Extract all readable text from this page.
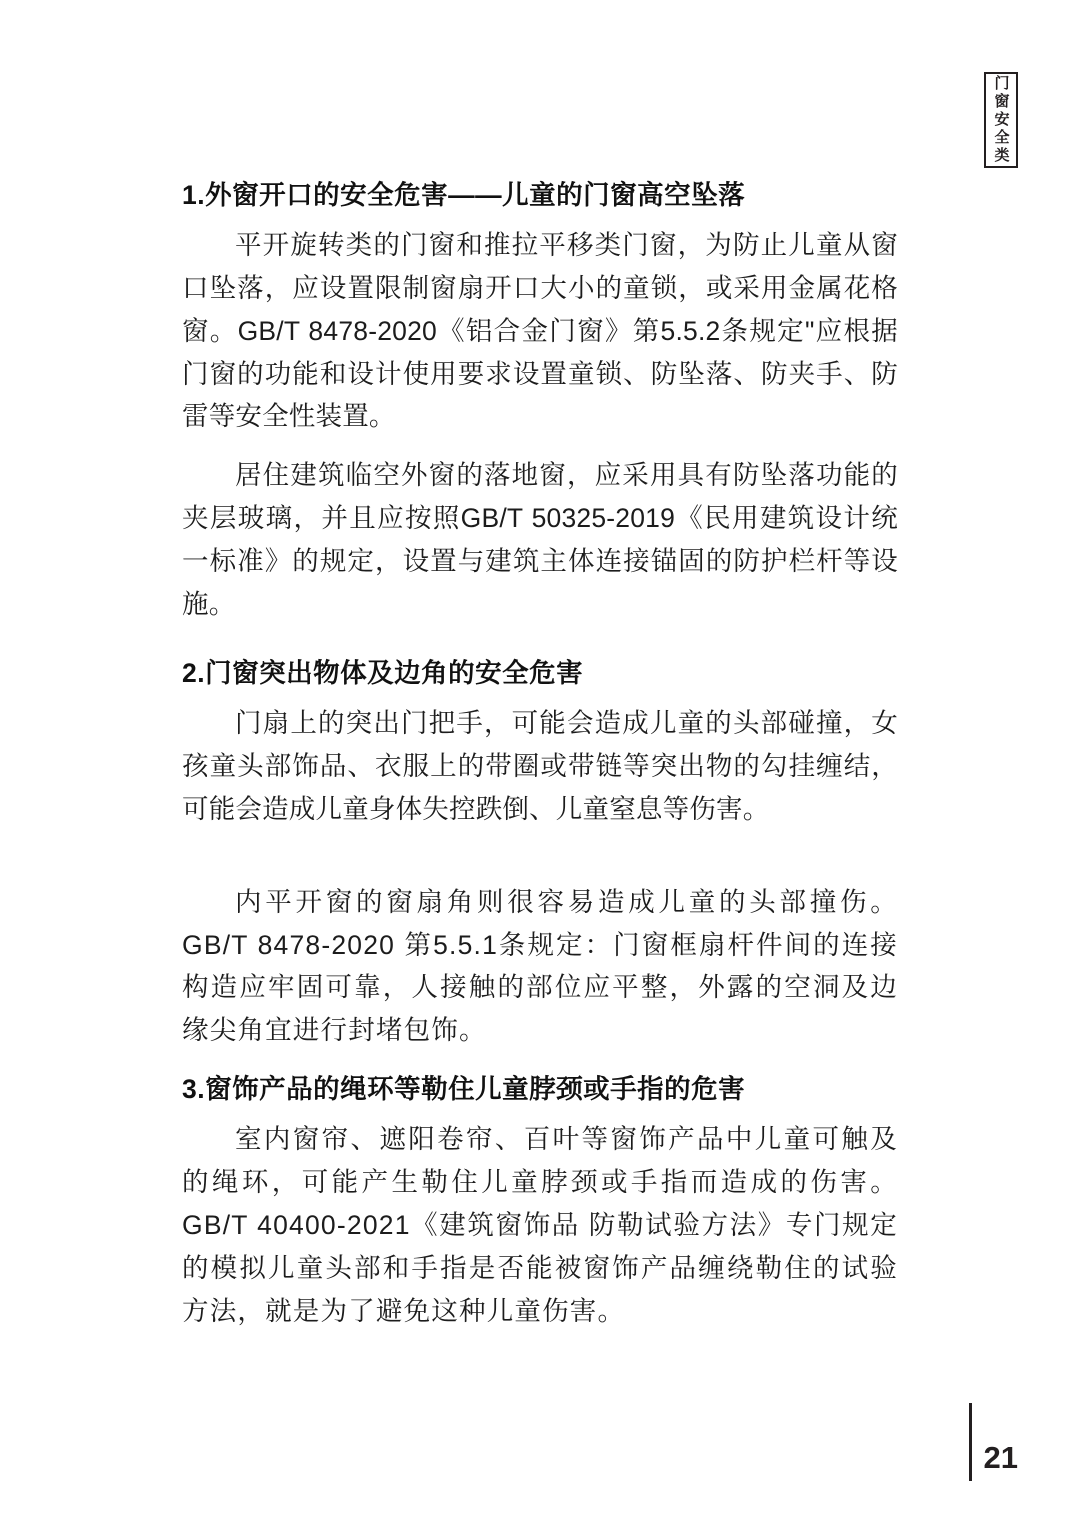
门窗安全类
1.外窗开口的安全危害——儿童的门窗高空坠落

平开旋转类的门窗和推拉平移类门窗，为防止儿童从窗口坠落，应设置限制窗扇开口大小的童锁，或采用金属花格窗。GB/T 8478-2020《铝合金门窗》第5.5.2条规定"应根据门窗的功能和设计使用要求设置童锁、防坠落、防夹手、防雷等安全性装置。

居住建筑临空外窗的落地窗，应采用具有防坠落功能的夹层玻璃，并且应按照GB/T 50325-2019《民用建筑设计统一标准》的规定，设置与建筑主体连接锚固的防护栏杆等设施。

2.门窗突出物体及边角的安全危害

门扇上的突出门把手，可能会造成儿童的头部碰撞，女孩童头部饰品、衣服上的带圈或带链等突出物的勾挂缠结，可能会造成儿童身体失控跌倒、儿童窒息等伤害。

内平开窗的窗扇角则很容易造成儿童的头部撞伤。GB/T 8478-2020 第5.5.1条规定：门窗框扇杆件间的连接构造应牢固可靠，人接触的部位应平整，外露的空洞及边缘尖角宜进行封堵包饰。

3.窗饰产品的绳环等勒住儿童脖颈或手指的危害

室内窗帘、遮阳卷帘、百叶等窗饰产品中儿童可触及的绳环，可能产生勒住儿童脖颈或手指而造成的伤害。GB/T 40400-2021《建筑窗饰品 防勒试验方法》专门规定的模拟儿童头部和手指是否能被窗饰产品缠绕勒住的试验方法，就是为了避免这种儿童伤害。

21
